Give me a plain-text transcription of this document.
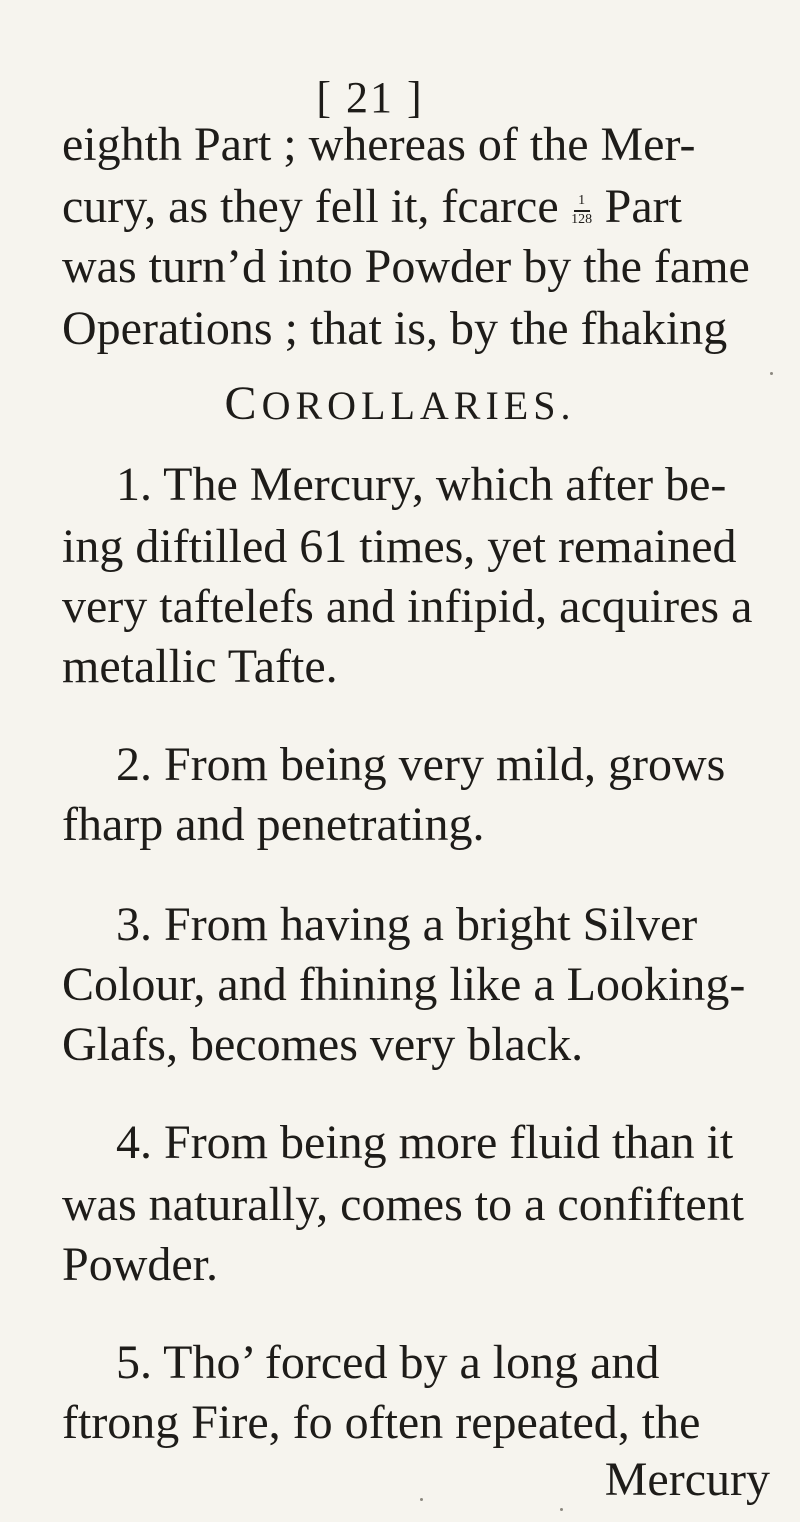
[ 21 ]
eighth Part ; whereas of the Mer-
cury, as they fell it, fcarce $\frac{1}{128}$ Part
was turn’d into Powder by the fame
Operations ; that is, by the fhaking
COROLLARIES.
1. The Mercury, which after be-
ing diftilled 61 times, yet remained
very taftelefs and infipid, acquires a
metallic Tafte.
2. From being very mild, grows
fharp and penetrating.
3. From having a bright Silver
Colour, and fhining like a Looking-
Glafs, becomes very black.
4. From being more fluid than it
was naturally, comes to a confiftent
Powder.
5. Tho’ forced by a long and
ftrong Fire, fo often repeated, the
Mercury
